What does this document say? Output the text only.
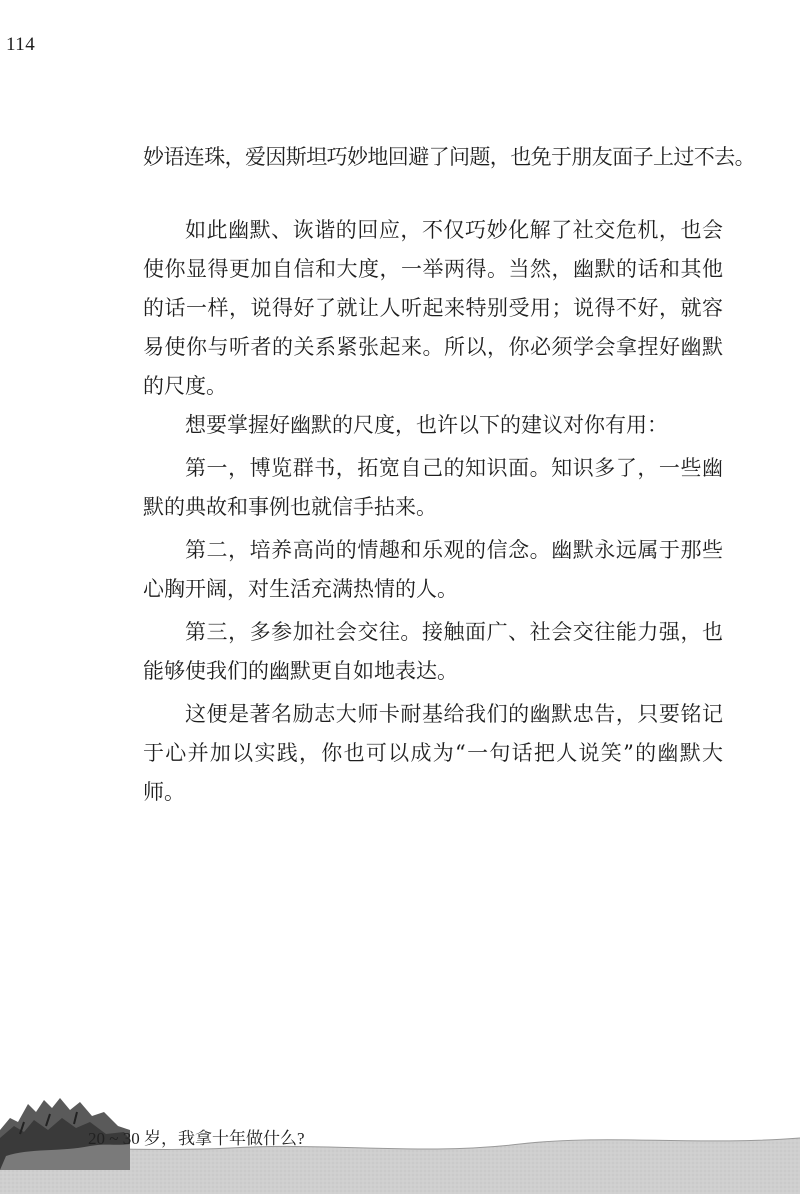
114
妙语连珠，爱因斯坦巧妙地回避了问题，也免于朋友面子上过不去。

如此幽默、诙谐的回应，不仅巧妙化解了社交危机，也会使你显得更加自信和大度，一举两得。当然，幽默的话和其他的话一样，说得好了就让人听起来特别受用；说得不好，就容易使你与听者的关系紧张起来。所以，你必须学会拿捏好幽默的尺度。

想要掌握好幽默的尺度，也许以下的建议对你有用：

第一，博览群书，拓宽自己的知识面。知识多了，一些幽默的典故和事例也就信手拈来。

第二，培养高尚的情趣和乐观的信念。幽默永远属于那些心胸开阔，对生活充满热情的人。

第三，多参加社会交往。接触面广、社会交往能力强，也能够使我们的幽默更自如地表达。

这便是著名励志大师卡耐基给我们的幽默忠告，只要铭记于心并加以实践，你也可以成为“一句话把人说笑”的幽默大师。

20 ~ 30 岁，我拿十年做什么?
